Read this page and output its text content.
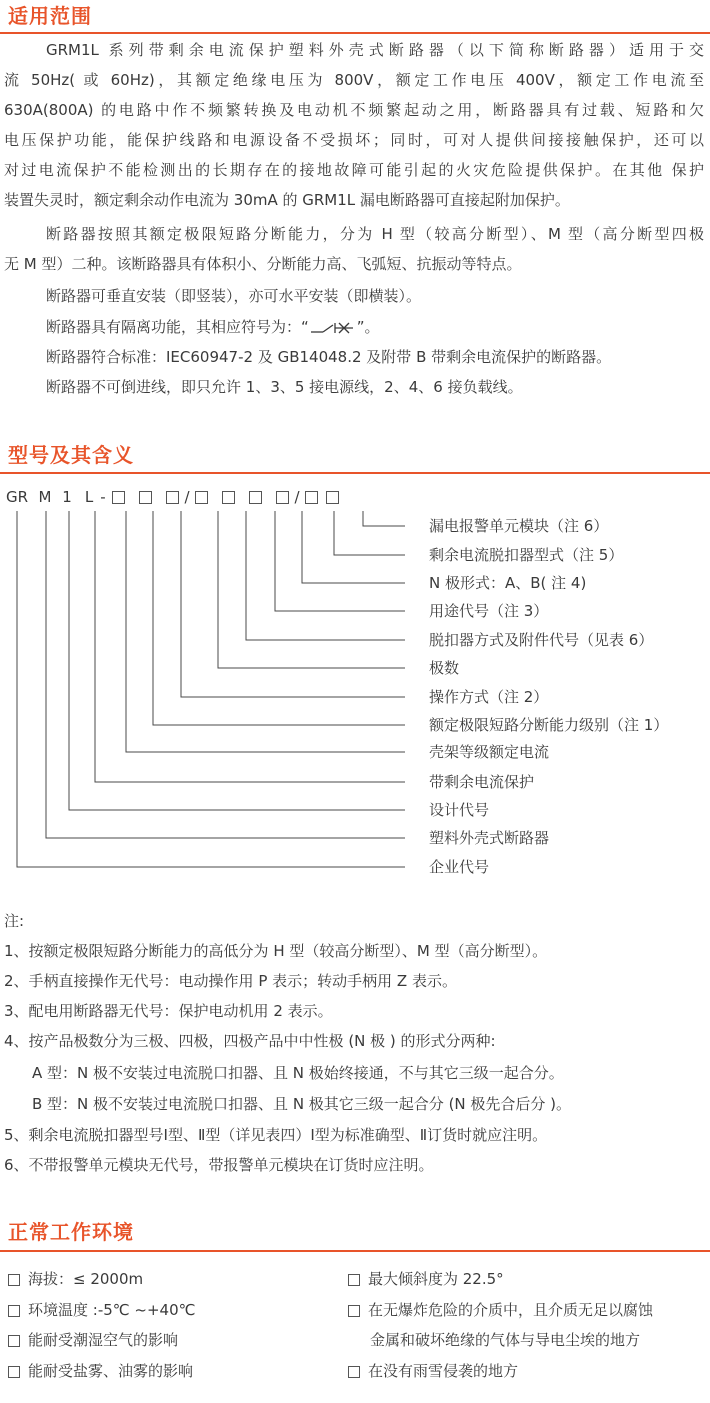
适用范围
GRM1L 系列带剩余电流保护塑料外壳式断路器（以下简称断路器）适用于交
流 50Hz( 或 60Hz)，其额定绝缘电压为 800V，额定工作电压 400V，额定工作电流至
630A(800A) 的电路中作不频繁转换及电动机不频繁起动之用，断路器具有过载、短路和欠
电压保护功能，能保护线路和电源设备不受损坏；同时，可对人提供间接接触保护，还可以
对过电流保护不能检测出的长期存在的接地故障可能引起的火灾危险提供保护。在其他 保护
装置失灵时，额定剩余动作电流为 30mA 的 GRM1L 漏电断路器可直接起附加保护。
断路器按照其额定极限短路分断能力，分为 H 型（较高分断型）、M 型（高分断型四极
无 M 型）二种。该断路器具有体积小、分断能力高、飞弧短、抗振动等特点。
断路器可垂直安装（即竖装），亦可水平安装（即横装）。
断路器具有隔离功能，其相应符号为：“	”。
断路器符合标准：IEC60947-2 及 GB14048.2 及附带 B 带剩余电流保护的断路器。
断路器不可倒进线，即只允许 1、3、5 接电源线，2、4、6 接负载线。
型号及其含义
GR M 1 L -	/	/
漏电报警单元模块（注 6）
剩余电流脱扣器型式（注 5）
N 极形式：A、B( 注 4)
用途代号（注 3）
脱扣器方式及附件代号（见表 6）
极数
操作方式（注 2）
额定极限短路分断能力级别（注 1）
壳架等级额定电流
带剩余电流保护
设计代号
塑料外壳式断路器
企业代号
注:
1、按额定极限短路分断能力的高低分为 H 型（较高分断型）、M 型（高分断型）。
2、手柄直接操作无代号：电动操作用 P 表示；转动手柄用 Z 表示。
3、配电用断路器无代号：保护电动机用 2 表示。
4、按产品极数分为三极、四极，四极产品中中性极 (N 极 ) 的形式分两种:
A 型：N 极不安装过电流脱口扣器、且 N 极始终接通，不与其它三级一起合分。
B 型：N 极不安装过电流脱口扣器、且 N 极其它三级一起合分 (N 极先合后分 )。
5、剩余电流脱扣器型号Ⅰ型、Ⅱ型（详见表四）Ⅰ型为标准确型、Ⅱ订货时就应注明。
6、不带报警单元模块无代号，带报警单元模块在订货时应注明。
正常工作环境
海拔：≤ 2000m
环境温度 :-5℃ ~+40℃
能耐受潮湿空气的影响
能耐受盐雾、油雾的影响
最大倾斜度为 22.5°
在无爆炸危险的介质中，且介质无足以腐蚀
金属和破坏绝缘的气体与导电尘埃的地方
在没有雨雪侵袭的地方
